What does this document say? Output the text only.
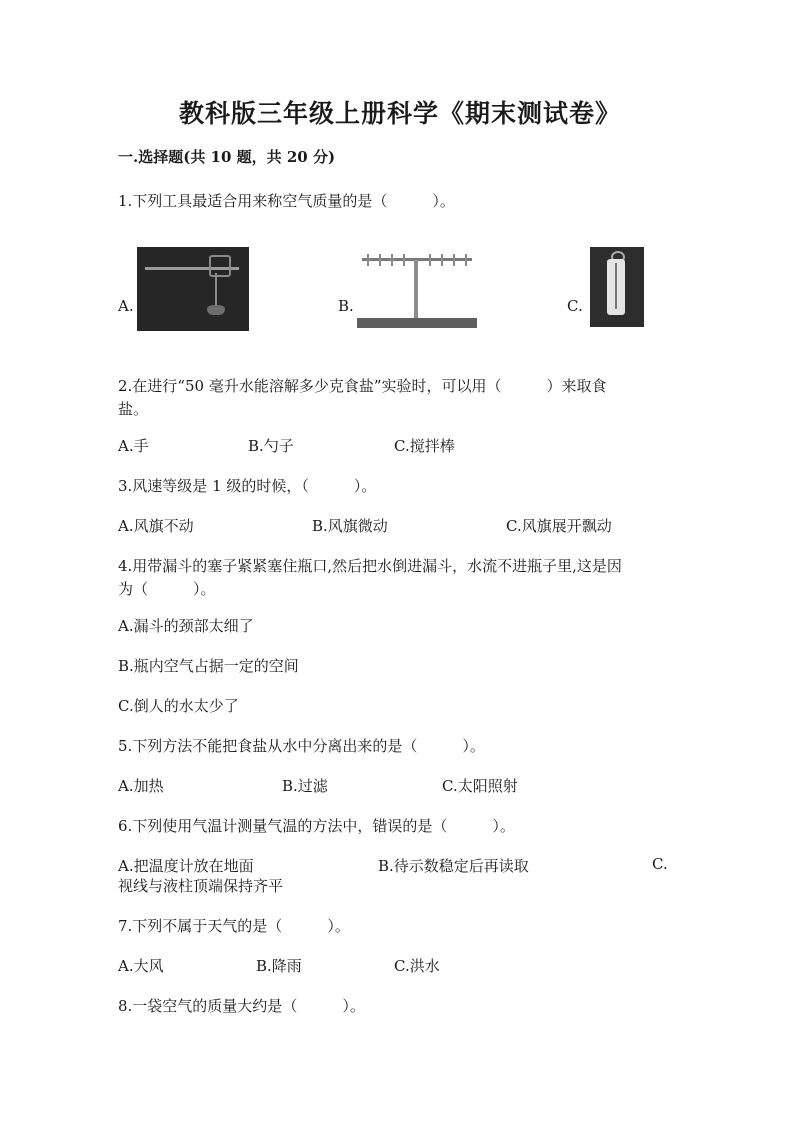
教科版三年级上册科学《期末测试卷》
一.选择题(共 10 题，共 20 分)
1.下列工具最适合用来称空气质量的是（　　　）。
A.	B.	C.
2.在进行“50 毫升水能溶解多少克食盐”实验时，可以用（　　　）来取食
盐。
A.手	B.勺子	C.搅拌棒
3.风速等级是 1 级的时候，（　　　）。
A.风旗不动	B.风旗微动	C.风旗展开飘动
4.用带漏斗的塞子紧紧塞住瓶口,然后把水倒进漏斗，水流不进瓶子里,这是因
为（　　　）。
A.漏斗的颈部太细了
B.瓶内空气占据一定的空间
C.倒人的水太少了
5.下列方法不能把食盐从水中分离出来的是（　　　）。
A.加热	B.过滤	C.太阳照射
6.下列使用气温计测量气温的方法中，错误的是（　　　）。
A.把温度计放在地面	B.待示数稳定后再读取	C.
视线与液柱顶端保持齐平
7.下列不属于天气的是（　　　）。
A.大风	B.降雨	C.洪水
8.一袋空气的质量大约是（　　　）。
